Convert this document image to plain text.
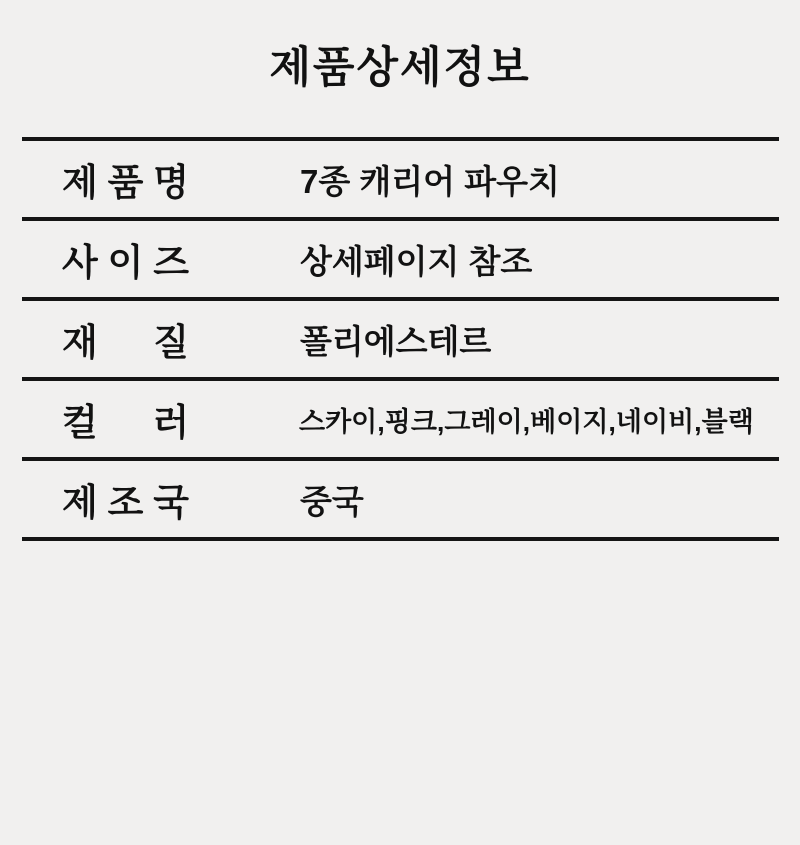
제품상세정보
제 품 명	7종 캐리어 파우치
사 이 즈	상세페이지 참조
재 질	폴리에스테르
컬 러	스카이,핑크,그레이,베이지,네이비,블랙
제 조 국	중국
